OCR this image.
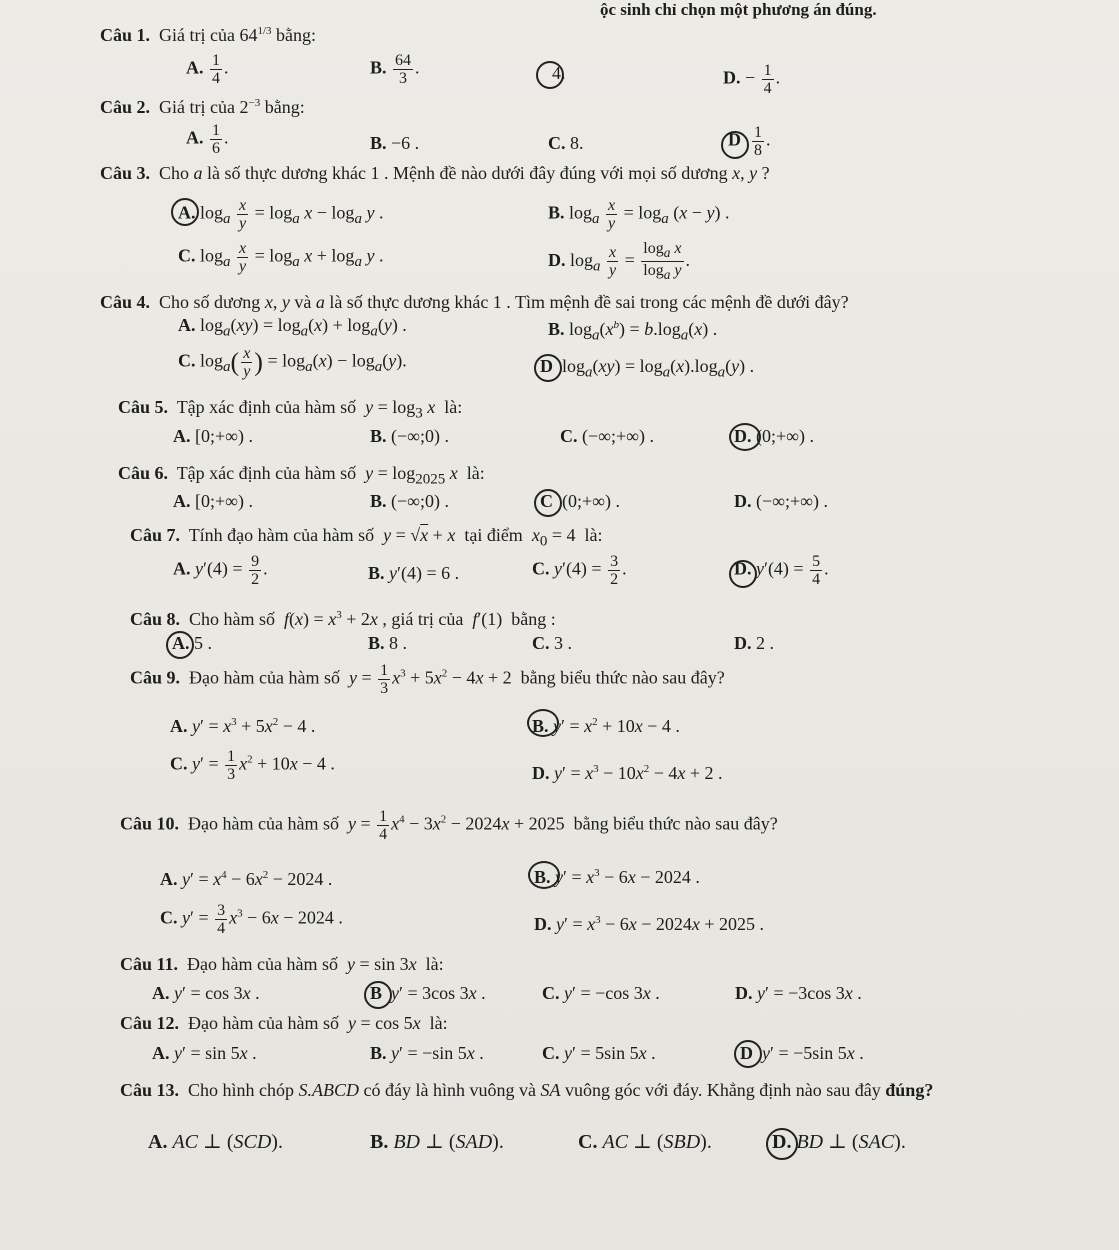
ộc sinh chỉ chọn một phương án đúng.
Câu 1.  Giá trị của $64^{1/3}$ bằng:
A. $\frac{1}{4}$ .	B. $\frac{64}{3}$ .	4.	D. − $\frac{1}{4}$ .
Câu 2.  Giá trị của $2^{-3}$ bằng:
A. $\frac{1}{6}$ .	B. −6 .	C. 8.	D $\frac{1}{8}$ .
Câu 3.  Cho a là số thực dương khác 1 . Mệnh đề nào dưới đây đúng với mọi số dương x, y ?
A. $\log_a \frac{x}{y} = \log_a x - \log_a y$ .	B. $\log_a \frac{x}{y} = \log_a (x - y)$ .
C. $\log_a \frac{x}{y} = \log_a x + \log_a y$ .	D. $\log_a \frac{x}{y} = \frac{\log_a x}{\log_a y}$ .
Câu 4.  Cho số dương x, y và a là số thực dương khác 1 . Tìm mệnh đề sai trong các mệnh đề dưới đây?
A. $\log_a(xy) = \log_a(x) + \log_a(y)$ .	B. $\log_a(x^b) = b.\log_a(x)$ .
C. $\log_a( \frac{x}{y}$ ) = $\log_a(x) - \log_a(y)$.	D  $\log_a(xy) = \log_a(x).\log_a(y)$ .
Câu 5.  Tập xác định của hàm số  $y = \log_3 x$  là:
A. [0;+∞) .	B. (−∞;0) .	C. (−∞;+∞) .	D. (0;+∞) .
Câu 6.  Tập xác định của hàm số  $y = \log_{2025} x$  là:
A. [0;+∞) .	B. (−∞;0) .	C  (0;+∞) .	D. (−∞;+∞) .
Câu 7.  Tính đạo hàm của hàm số  y = √x + x  tại điểm  $x_0 = 4$  là:
A. $y'(4) = \frac{9}{2}$ .	B. y′(4) = 6 .	C. $y'(4) = \frac{3}{2}$ .	D. $y'(4) = \frac{5}{4}$ .
Câu 8.  Cho hàm số  $f(x) = x^3 + 2x$ , giá trị của  f′(1)  bằng :
A. 5 .	B. 8 .	C. 3 .	D. 2 .
Câu 9.  Đạo hàm của hàm số  $y = \frac{1}{3} x^3 + 5x^2 - 4x + 2$  bằng biểu thức nào sau đây?
A. $y' = x^3 + 5x^2 - 4$ .	B. $y' = x^2 + 10x - 4$ .
C. $y' = \frac{1}{3} x^2 + 10x - 4$ .	D. $y' = x^3 - 10x^2 - 4x + 2$ .
Câu 10.  Đạo hàm của hàm số  $y = \frac{1}{4} x^4 - 3x^2 - 2024x + 2025$  bằng biểu thức nào sau đây?
A. $y' = x^4 - 6x^2 - 2024$ .	B. $y' = x^3 - 6x - 2024$ .
C. $y' = \frac{3}{4} x^3 - 6x - 2024$ .	D. $y' = x^3 - 6x - 2024x + 2025$ .
Câu 11.  Đạo hàm của hàm số  y = sin 3x  là:
A. y′ = cos 3x .	B y′ = 3cos 3x .	C. y′ = −cos 3x .	D. y′ = −3cos 3x .
Câu 12.  Đạo hàm của hàm số  y = cos 5x  là:
A. y′ = sin 5x .	B. y′ = −sin 5x .	C. y′ = 5sin 5x .	D y′ = −5sin 5x .
Câu 13.  Cho hình chóp S.ABCD có đáy là hình vuông và SA vuông góc với đáy. Khẳng định nào sau đây đúng?
A. AC ⊥ (SCD).	B. BD ⊥ (SAD).	C. AC ⊥ (SBD).	D. BD ⊥ (SAC).
